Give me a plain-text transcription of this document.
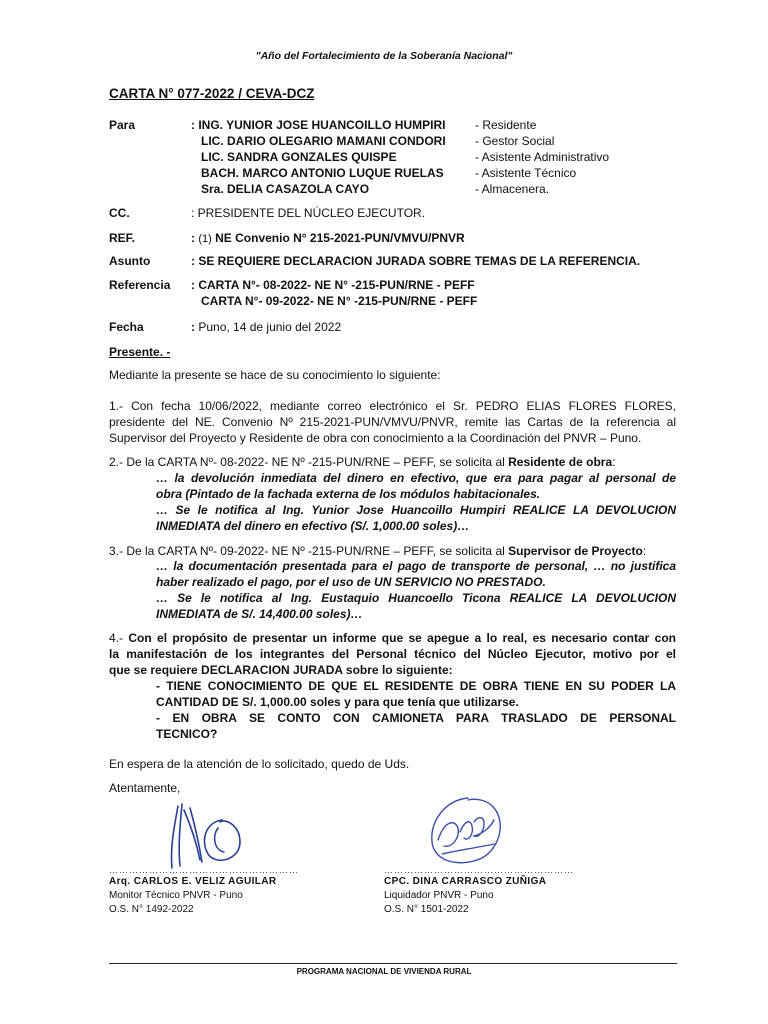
"Año del Fortalecimiento de la Soberanía Nacional"
CARTA N° 077-2022 / CEVA-DCZ
Para	: ING. YUNIOR JOSE HUANCOILLO HUMPIRI - Residente
LIC. DARIO OLEGARIO MAMANI CONDORI - Gestor Social
LIC. SANDRA GONZALES QUISPE	- Asistente Administrativo
BACH. MARCO ANTONIO LUQUE RUELAS	- Asistente Técnico
Sra. DELIA CASAZOLA CAYO	- Almacenera.
CC.	: PRESIDENTE DEL NÚCLEO EJECUTOR.
REF.	: (1) NE Convenio N° 215-2021-PUN/VMVU/PNVR
Asunto	: SE REQUIERE DECLARACION JURADA SOBRE TEMAS DE LA REFERENCIA.
Referencia : CARTA N°- 08-2022- NE N° -215-PUN/RNE - PEFF
CARTA N°- 09-2022- NE N° -215-PUN/RNE - PEFF
Fecha	: Puno, 14 de junio del 2022
Presente. -
Mediante la presente se hace de su conocimiento lo siguiente:
1.- Con fecha 10/06/2022, mediante correo electrónico el Sr. PEDRO ELIAS FLORES FLORES,
presidente del NE. Convenio Nº 215-2021-PUN/VMVU/PNVR, remite las Cartas de la referencia al
Supervisor del Proyecto y Residente de obra con conocimiento a la Coordinación del PNVR – Puno.
2.- De la CARTA Nº- 08-2022- NE Nº -215-PUN/RNE – PEFF, se solicita al Residente de obra:
… la devolución inmediata del dinero en efectivo, que era para pagar al personal de
obra (Pintado de la fachada externa de los módulos habitacionales.
… Se le notifica al Ing. Yunior Jose Huancoillo Humpiri REALICE LA DEVOLUCION
INMEDIATA del dinero en efectivo (S/. 1,000.00 soles)…
3.- De la CARTA Nº- 09-2022- NE Nº -215-PUN/RNE – PEFF, se solicita al Supervisor de Proyecto:
… la documentación presentada para el pago de transporte de personal, … no justifica
haber realizado el pago, por el uso de UN SERVICIO NO PRESTADO.
… Se le notifica al Ing. Eustaquio Huancoello Ticona REALICE LA DEVOLUCION
INMEDIATA de S/. 14,400.00 soles)…
4.- Con el propósito de presentar un informe que se apegue a lo real, es necesario contar con
la manifestación de los integrantes del Personal técnico del Núcleo Ejecutor, motivo por el
que se requiere DECLARACION JURADA sobre lo siguiente:
- TIENE CONOCIMIENTO DE QUE EL RESIDENTE DE OBRA TIENE EN SU PODER LA
CANTIDAD DE S/. 1,000.00 soles y para que tenía que utilizarse.
- EN OBRA SE CONTO CON CAMIONETA PARA TRASLADO DE PERSONAL
TECNICO?
En espera de la atención de lo solicitado, quedo de Uds.
Atentamente,
…………………………………………………
Arq. CARLOS E. VELIZ AGUILAR
Monitor Técnico PNVR - Puno
O.S. N° 1492-2022
…………………………………………………
CPC. DINA CARRASCO ZUÑIGA
Liquidador PNVR - Puno
O.S. N° 1501-2022
PROGRAMA NACIONAL DE VIVIENDA RURAL
